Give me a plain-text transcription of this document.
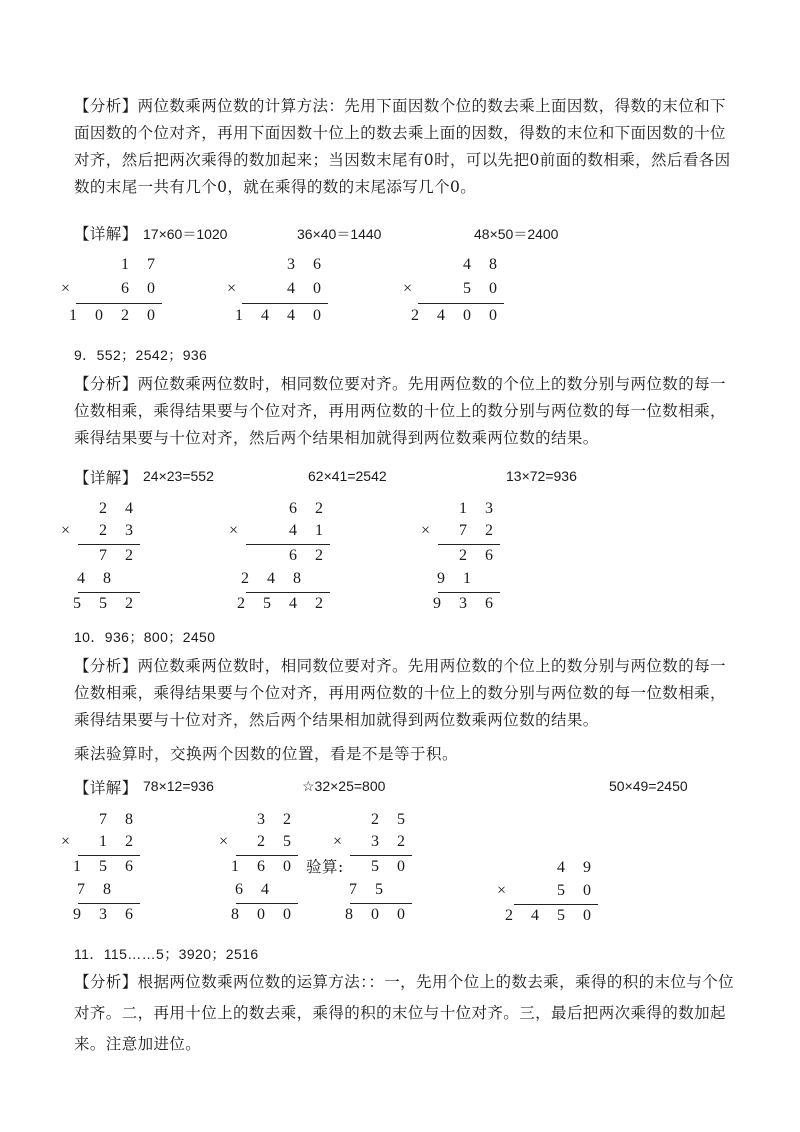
【分析】两位数乘两位数的计算方法：先用下面因数个位的数去乘上面因数，得数的末位和下面因数的个位对齐，再用下面因数十位上的数去乘上面的因数，得数的末位和下面因数的十位对齐，然后把两次乘得的数加起来；当因数末尾有0时，可以先把0前面的数相乘，然后看各因数的末尾一共有几个0，就在乘得的数的末尾添写几个0。
【详解】 17×60＝1020	36×40＝1440	48×50＝2400
1 7
×    6 0
1 0 2 0
3 6
×    4 0
1 4 4 0
4 8
×    5 0
2 4 0 0
9．552；2542；936
【分析】两位数乘两位数时，相同数位要对齐。先用两位数的个位上的数分别与两位数的每一位数相乘，乘得结果要与个位对齐，再用两位数的十位上的数分别与两位数的每一位数相乘，乘得结果要与十位对齐，然后两个结果相加就得到两位数乘两位数的结果。
【详解】 24×23=552	62×41=2542	13×72=936
2 4
×  2 3
7 2
4 8
5 5 2
6 2
×    4 1
6 2
2 4 8
2 5 4 2
1 3
×  7 2
2 6
9 1
9 3 6
10．936；800；2450
【分析】两位数乘两位数时，相同数位要对齐。先用两位数的个位上的数分别与两位数的每一位数相乘，乘得结果要与个位对齐，再用两位数的十位上的数分别与两位数的每一位数相乘，乘得结果要与十位对齐，然后两个结果相加就得到两位数乘两位数的结果。
乘法验算时，交换两个因数的位置，看是不是等于积。
【详解】 78×12=936	☆32×25=800	50×49=2450
7 8
×  1 2
1 5 6
7 8
9 3 6
3 2
×  2 5
1 6 0
6 4
8 0 0
验算:
2 5
×  3 2
5 0
7 5
8 0 0
4 9
×    5 0
2 4 5 0
11．115……5；3920；2516
【分析】根据两位数乘两位数的运算方法：：一，先用个位上的数去乘，乘得的积的末位与个位对齐。二，再用十位上的数去乘，乘得的积的末位与十位对齐。三，最后把两次乘得的数加起来。注意加进位。
